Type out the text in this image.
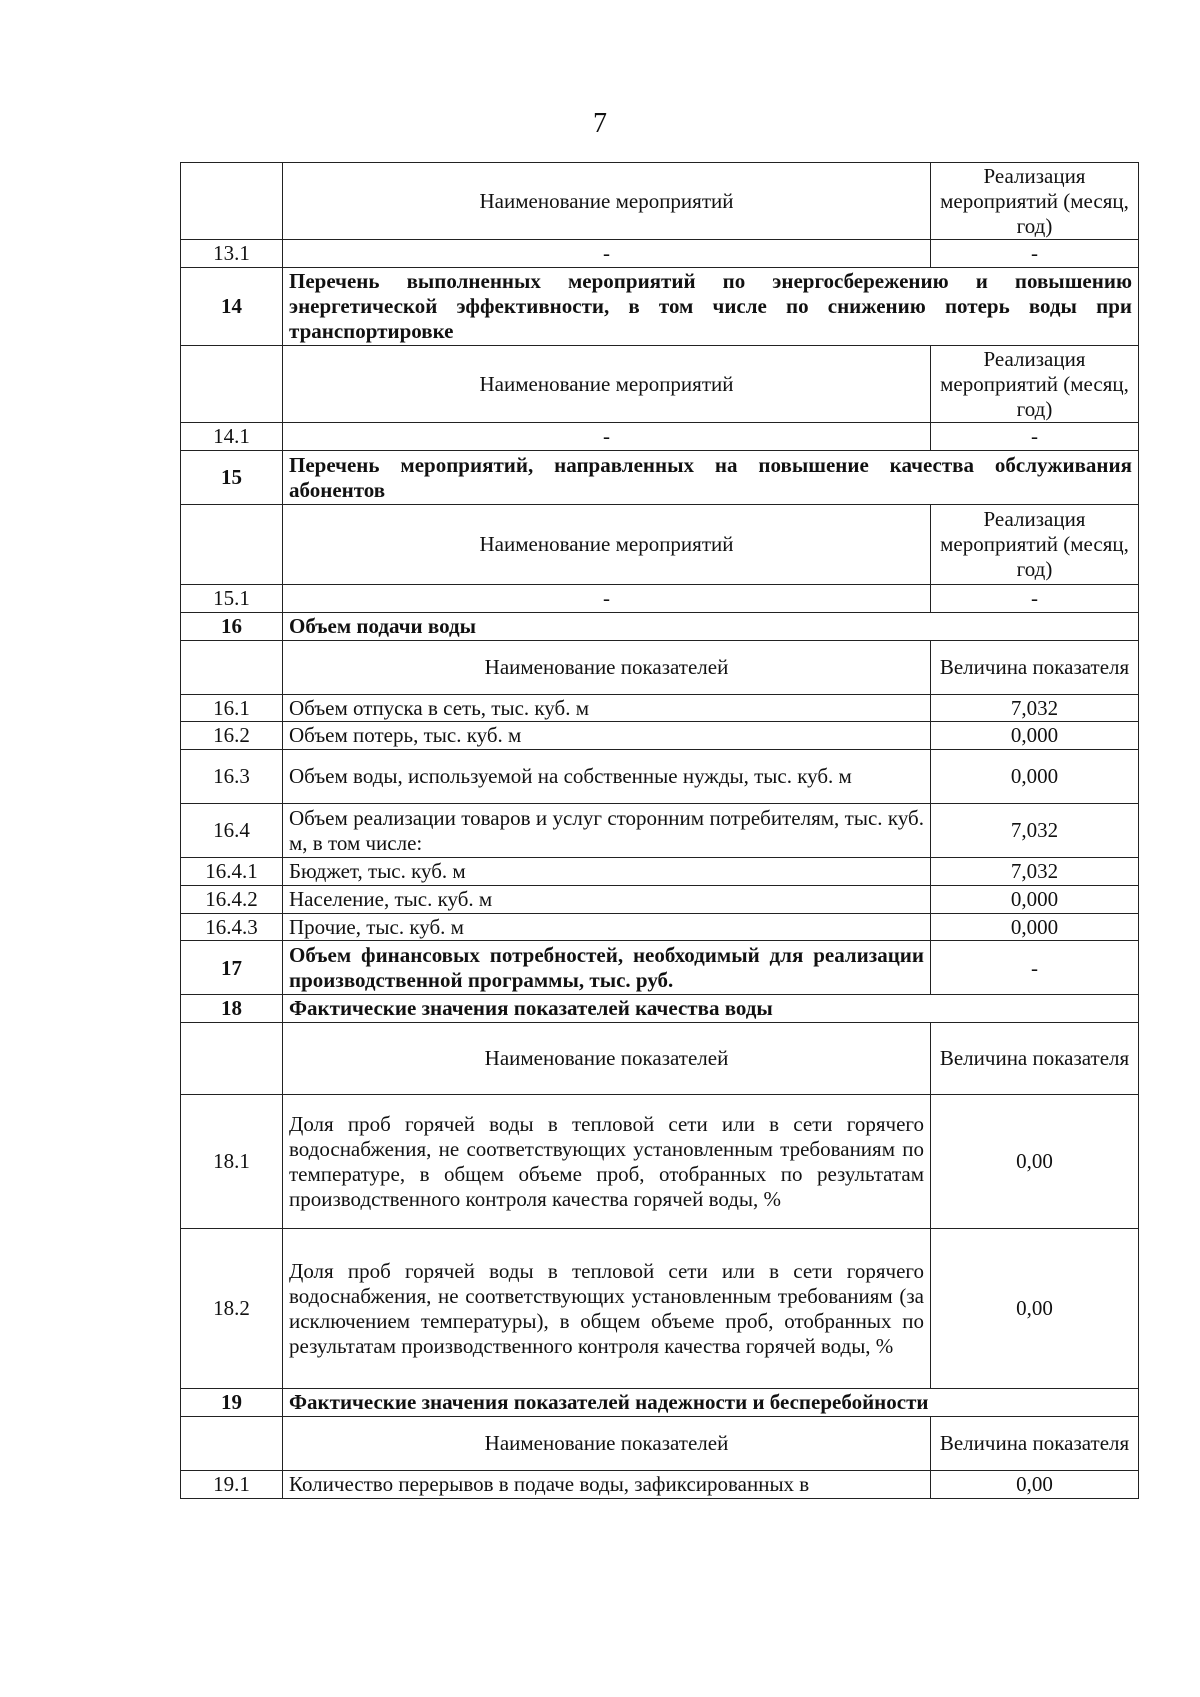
7
	Наименование мероприятий	Реализация мероприятий (месяц, год)
13.1	-	-
14	Перечень выполненных мероприятий по энергосбережению и повышению энергетической эффективности, в том числе по снижению потерь воды при транспортировке	
	Наименование мероприятий	Реализация мероприятий (месяц, год)
14.1	-	-
15	Перечень мероприятий, направленных на повышение качества обслуживания абонентов	
	Наименование мероприятий	Реализация мероприятий (месяц, год)
15.1	-	-
16	Объем подачи воды	
	Наименование показателей	Величина показателя
16.1	Объем отпуска в сеть, тыс. куб. м	7,032
16.2	Объем потерь, тыс. куб. м	0,000
16.3	Объем воды, используемой на собственные нужды, тыс. куб. м	0,000
16.4	Объем реализации товаров и услуг сторонним потребителям, тыс. куб. м, в том числе:	7,032
16.4.1	Бюджет, тыс. куб. м	7,032
16.4.2	Население, тыс. куб. м	0,000
16.4.3	Прочие, тыс. куб. м	0,000
17	Объем финансовых потребностей, необходимый для реализации производственной программы, тыс. руб.	-
18	Фактические значения показателей качества воды	
	Наименование показателей	Величина показателя
18.1	Доля проб горячей воды в тепловой сети или в сети горячего водоснабжения, не соответствующих установленным требованиям по температуре, в общем объеме проб, отобранных по результатам производственного контроля качества горячей воды, %	0,00
18.2	Доля проб горячей воды в тепловой сети или в сети горячего водоснабжения, не соответствующих установленным требованиям (за исключением температуры), в общем объеме проб, отобранных по результатам производственного контроля качества горячей воды, %	0,00
19	Фактические значения показателей надежности и бесперебойности	
	Наименование показателей	Величина показателя
19.1	Количество перерывов в подаче воды, зафиксированных в	0,00
